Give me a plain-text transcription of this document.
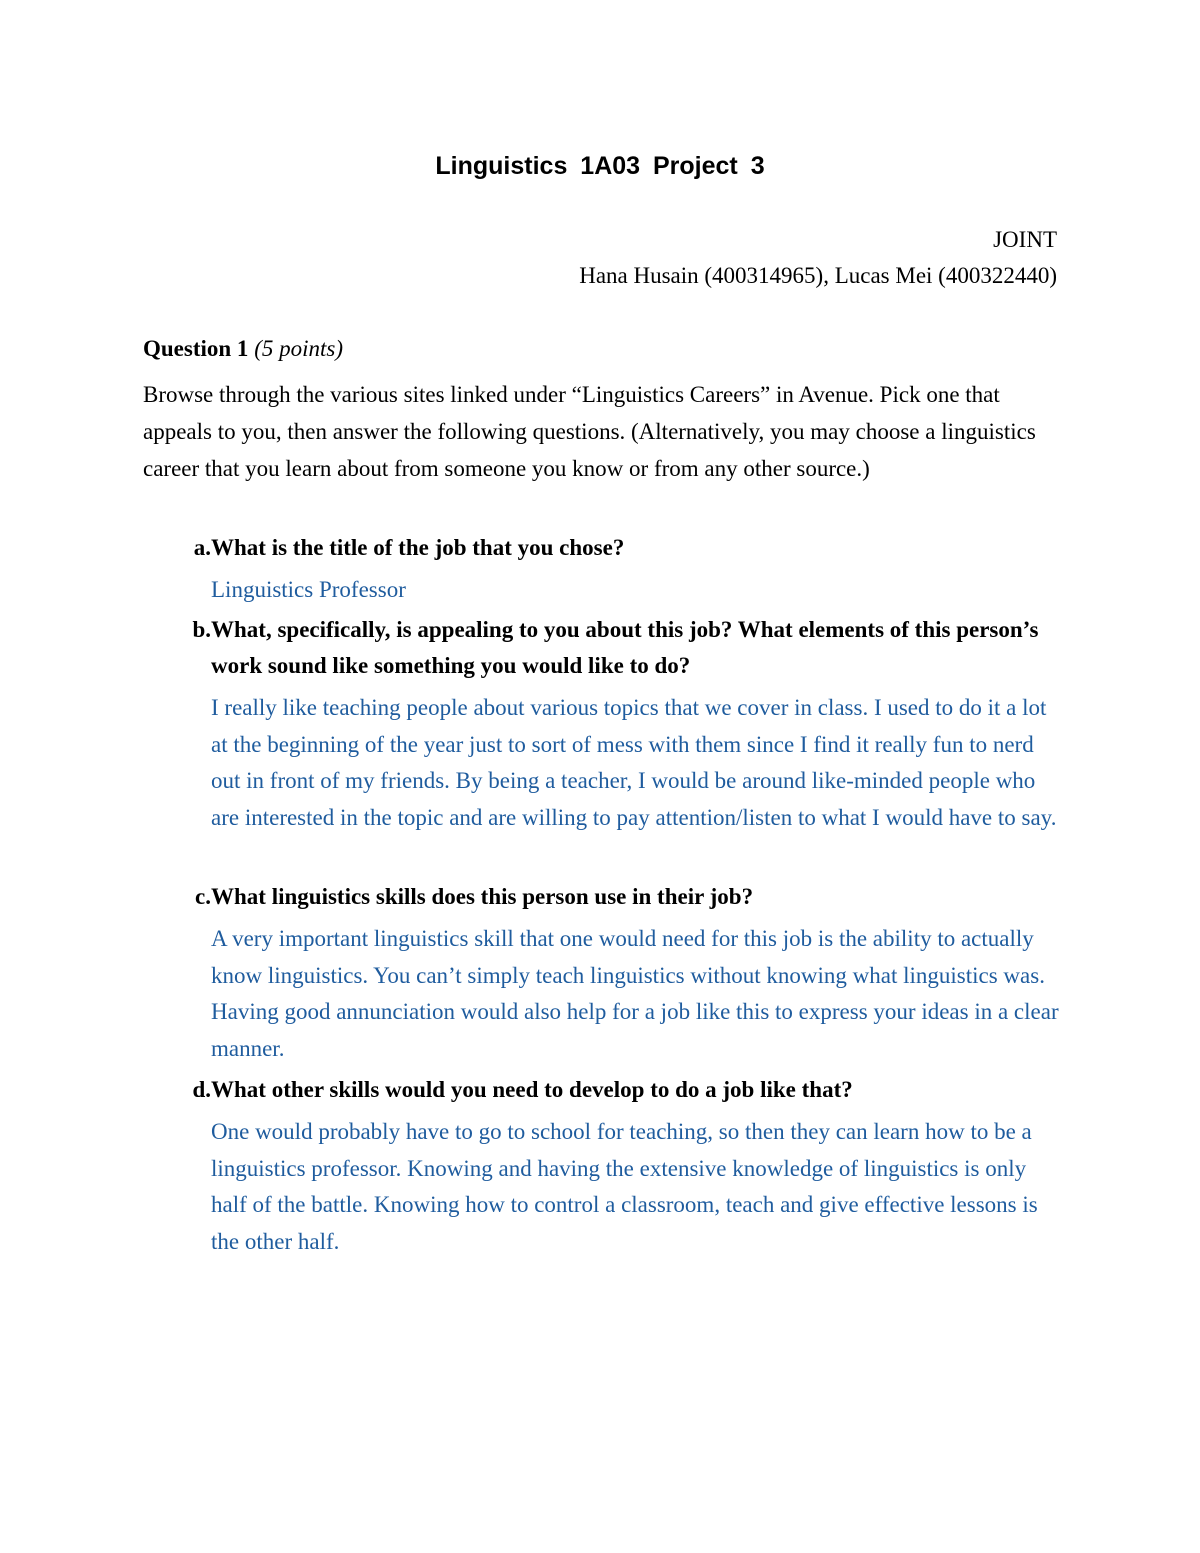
Linguistics 1A03 Project 3
JOINT
Hana Husain (400314965), Lucas Mei (400322440)

Question 1 (5 points)

Browse through the various sites linked under “Linguistics Careers” in Avenue. Pick one that appeals to you, then answer the following questions. (Alternatively, you may choose a linguistics career that you learn about from someone you know or from any other source.)

a. What is the title of the job that you chose?
Linguistics Professor
b. What, specifically, is appealing to you about this job? What elements of this person’s work sound like something you would like to do?
I really like teaching people about various topics that we cover in class. I used to do it a lot at the beginning of the year just to sort of mess with them since I find it really fun to nerd out in front of my friends. By being a teacher, I would be around like-minded people who are interested in the topic and are willing to pay attention/listen to what I would have to say.
c. What linguistics skills does this person use in their job?
A very important linguistics skill that one would need for this job is the ability to actually know linguistics. You can’t simply teach linguistics without knowing what linguistics was. Having good annunciation would also help for a job like this to express your ideas in a clear manner.
d. What other skills would you need to develop to do a job like that?
One would probably have to go to school for teaching, so then they can learn how to be a linguistics professor. Knowing and having the extensive knowledge of linguistics is only half of the battle. Knowing how to control a classroom, teach and give effective lessons is the other half.
